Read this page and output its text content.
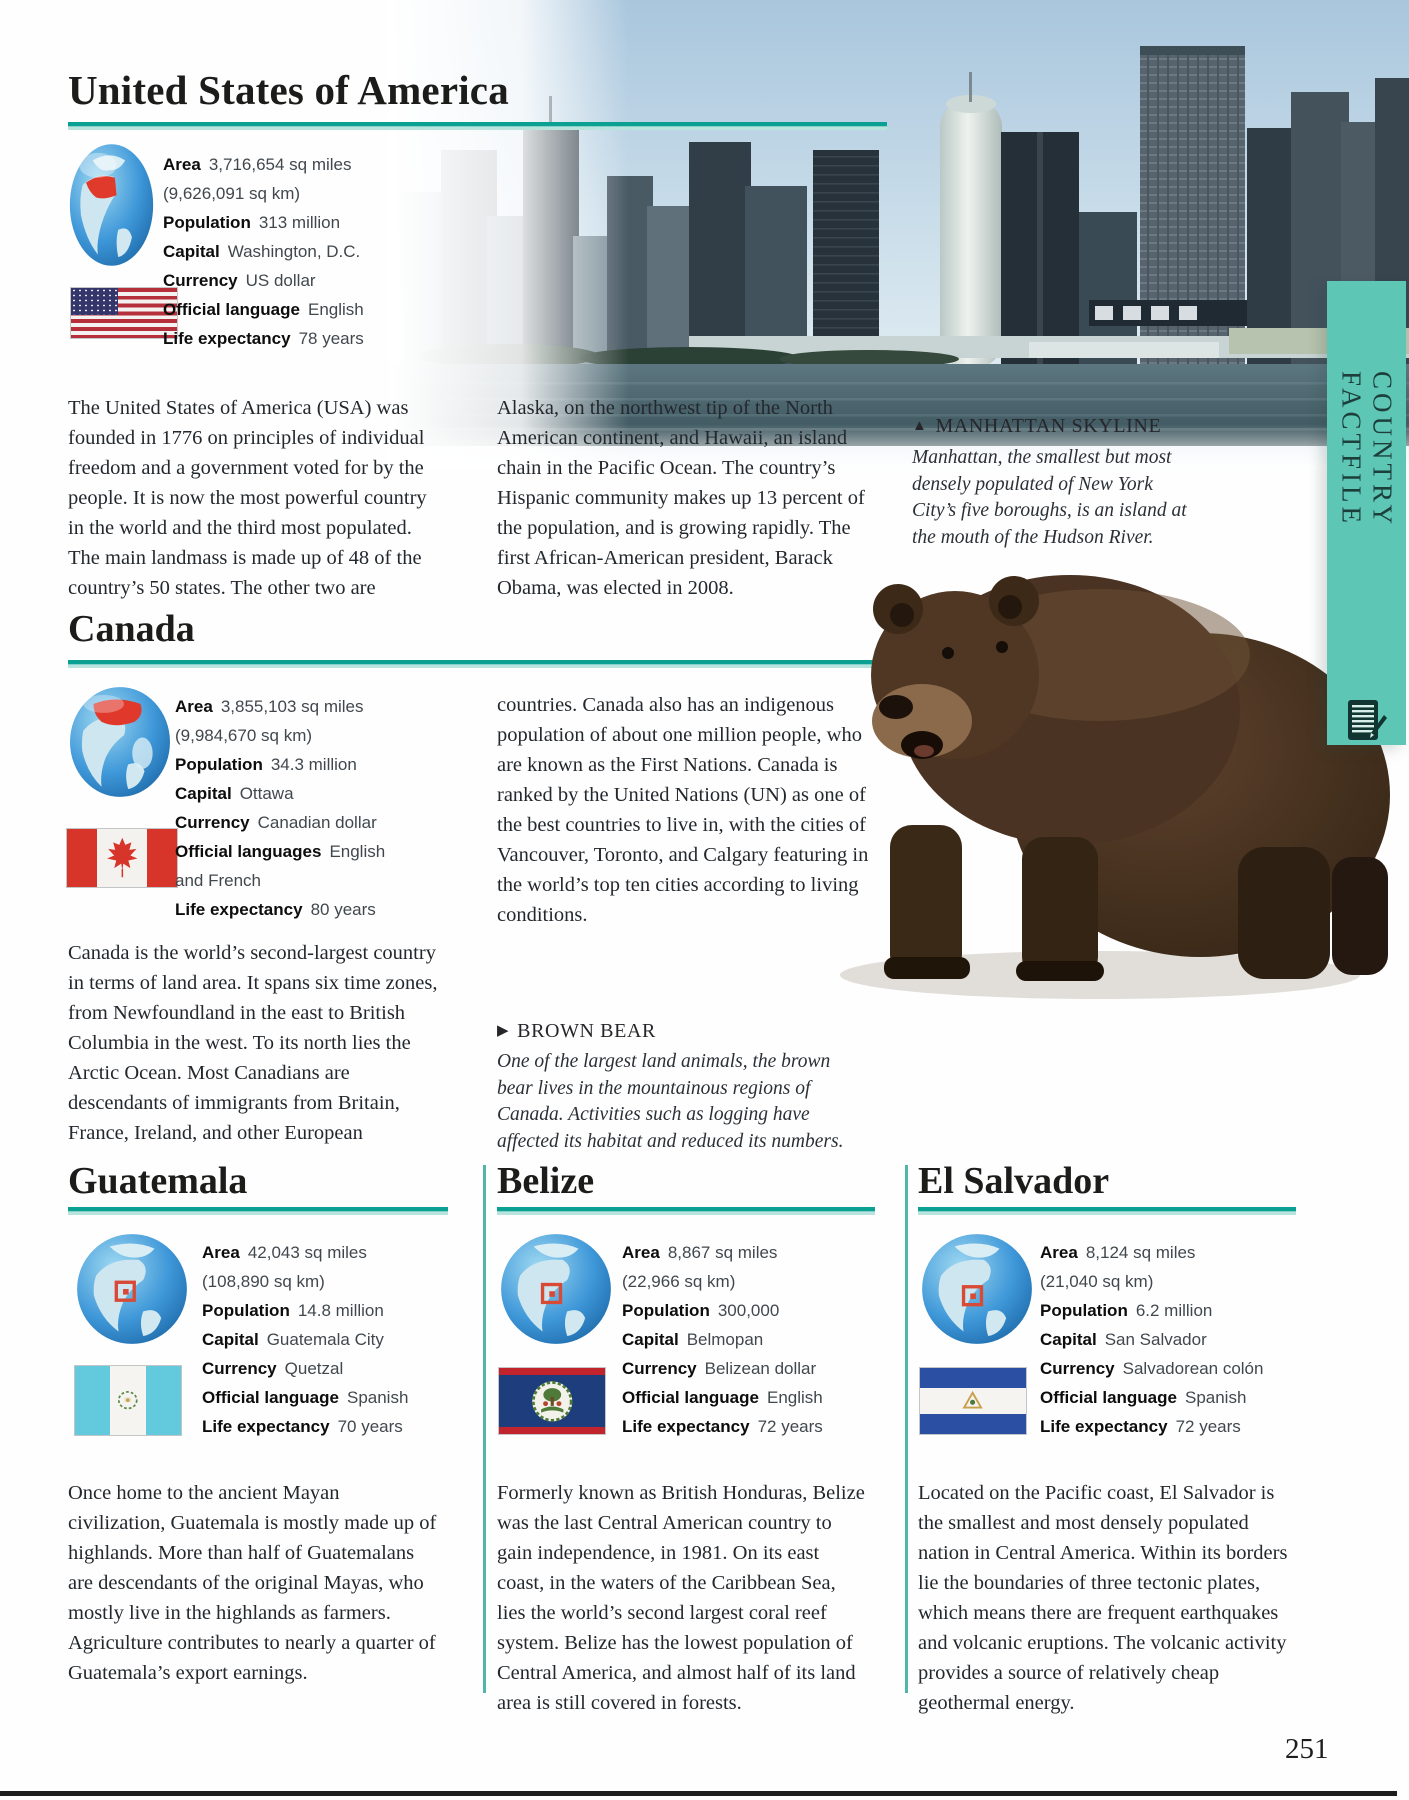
United States of America
Area 3,716,654 sq miles
(9,626,091 sq km)
Population 313 million
Capital Washington, D.C.
Currency US dollar
Official language English
Life expectancy 78 years
The United States of America (USA) was founded in 1776 on principles of individual freedom and a government voted for by the people. It is now the most powerful country in the world and the third most populated. The main landmass is made up of 48 of the country’s 50 states. The other two are
Alaska, on the northwest tip of the North American continent, and Hawaii, an island chain in the Pacific Ocean. The country’s Hispanic community makes up 13 percent of the population, and is growing rapidly. The first African-American president, Barack Obama, was elected in 2008.
▲ MANHATTAN SKYLINE
Manhattan, the smallest but most densely populated of New York City’s five boroughs, is an island at the mouth of the Hudson River.
Canada
Area 3,855,103 sq miles
(9,984,670 sq km)
Population 34.3 million
Capital Ottawa
Currency Canadian dollar
Official languages English
and French
Life expectancy 80 years
Canada is the world’s second-largest country in terms of land area. It spans six time zones, from Newfoundland in the east to British Columbia in the west. To its north lies the Arctic Ocean. Most Canadians are descendants of immigrants from Britain, France, Ireland, and other European
countries. Canada also has an indigenous population of about one million people, who are known as the First Nations. Canada is ranked by the United Nations (UN) as one of the best countries to live in, with the cities of Vancouver, Toronto, and Calgary featuring in the world’s top ten cities according to living conditions.
▶ BROWN BEAR
One of the largest land animals, the brown bear lives in the mountainous regions of Canada. Activities such as logging have affected its habitat and reduced its numbers.
Guatemala
Area 42,043 sq miles
(108,890 sq km)
Population 14.8 million
Capital Guatemala City
Currency Quetzal
Official language Spanish
Life expectancy 70 years
Once home to the ancient Mayan civilization, Guatemala is mostly made up of highlands. More than half of Guatemalans are descendants of the original Mayas, who mostly live in the highlands as farmers. Agriculture contributes to nearly a quarter of Guatemala’s export earnings.
Belize
Area 8,867 sq miles
(22,966 sq km)
Population 300,000
Capital Belmopan
Currency Belizean dollar
Official language English
Life expectancy 72 years
Formerly known as British Honduras, Belize was the last Central American country to gain independence, in 1981. On its east coast, in the waters of the Caribbean Sea, lies the world’s second largest coral reef system. Belize has the lowest population of Central America, and almost half of its land area is still covered in forests.
El Salvador
Area 8,124 sq miles
(21,040 sq km)
Population 6.2 million
Capital San Salvador
Currency Salvadorean colón
Official language Spanish
Life expectancy 72 years
Located on the Pacific coast, El Salvador is the smallest and most densely populated nation in Central America. Within its borders lie the boundaries of three tectonic plates, which means there are frequent earthquakes and volcanic eruptions. The volcanic activity provides a source of relatively cheap geothermal energy.
COUNTRY FACTFILE
251
